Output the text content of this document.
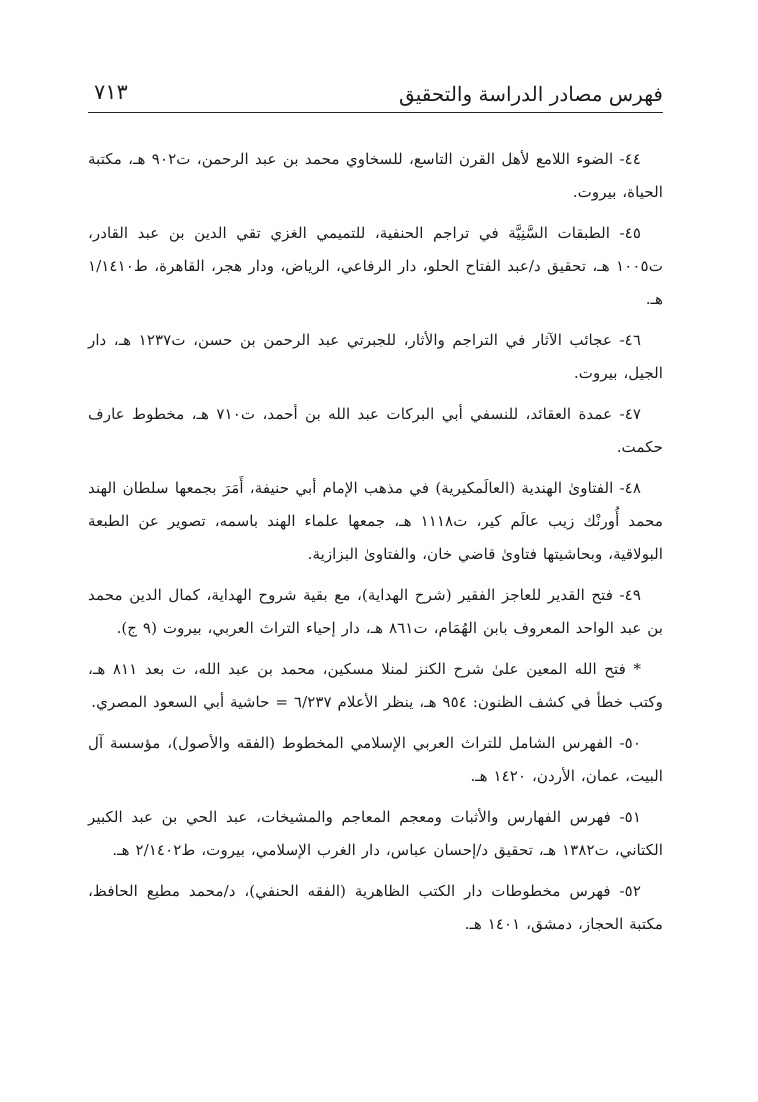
فهرس مصادر الدراسة والتحقيق
٧١٣

٤٤- الضوء اللامع لأهل القرن التاسع، للسخاوي محمد بن عبد الرحمن، ت٩٠٢ هـ، مكتبة الحياة، بيروت.

٤٥- الطبقات السَّنِيَّة في تراجم الحنفية، للتميمي الغزي تقي الدين بن عبد القادر، ت١٠٠٥ هـ، تحقيق د/عبد الفتاح الحلو، دار الرفاعي، الرياض، ودار هجر، القاهرة، ط١/١٤١٠ هـ.

٤٦- عجائب الآثار في التراجم والأثار، للجبرتي عبد الرحمن بن حسن، ت١٢٣٧ هـ، دار الجيل، بيروت.

٤٧- عمدة العقائد، للنسفي أبي البركات عبد الله بن أحمد، ت٧١٠ هـ، مخطوط عارف حكمت.

٤٨- الفتاوىٰ الهندية (العالَمكيرية) في مذهب الإمام أبي حنيفة، أَمَرَ بجمعها سلطان الهند محمد أُورنْك زيب عالَم كير، ت١١١٨ هـ، جمعها علماء الهند باسمه، تصوير عن الطبعة البولاقية، وبحاشيتها فتاوىٰ قاضي خان، والفتاوىٰ البزازية.

٤٩- فتح القدير للعاجز الفقير (شرح الهداية)، مع بقية شروح الهداية، كمال الدين محمد بن عبد الواحد المعروف بابن الهُمَام، ت٨٦١ هـ، دار إحياء التراث العربي، بيروت (٩ ج).

* فتح الله المعين علىٰ شرح الكنز لمنلا مسكين، محمد بن عبد الله، ت بعد ٨١١ هـ، وكتب خطأ في كشف الظنون: ٩٥٤ هـ، ينظر الأعلام ٦/٢٣٧ = حاشية أبي السعود المصري.

٥٠- الفهرس الشامل للتراث العربي الإسلامي المخطوط (الفقه والأصول)، مؤسسة آل البيت، عمان، الأردن، ١٤٢٠ هـ.

٥١- فهرس الفهارس والأثبات ومعجم المعاجم والمشيخات، عبد الحي بن عبد الكبير الكتاني، ت١٣٨٢ هـ، تحقيق د/إحسان عباس، دار الغرب الإسلامي، بيروت، ط٢/١٤٠٢ هـ.

٥٢- فهرس مخطوطات دار الكتب الظاهرية (الفقه الحنفي)، د/محمد مطيع الحافظ، مكتبة الحجاز، دمشق، ١٤٠١ هـ.
